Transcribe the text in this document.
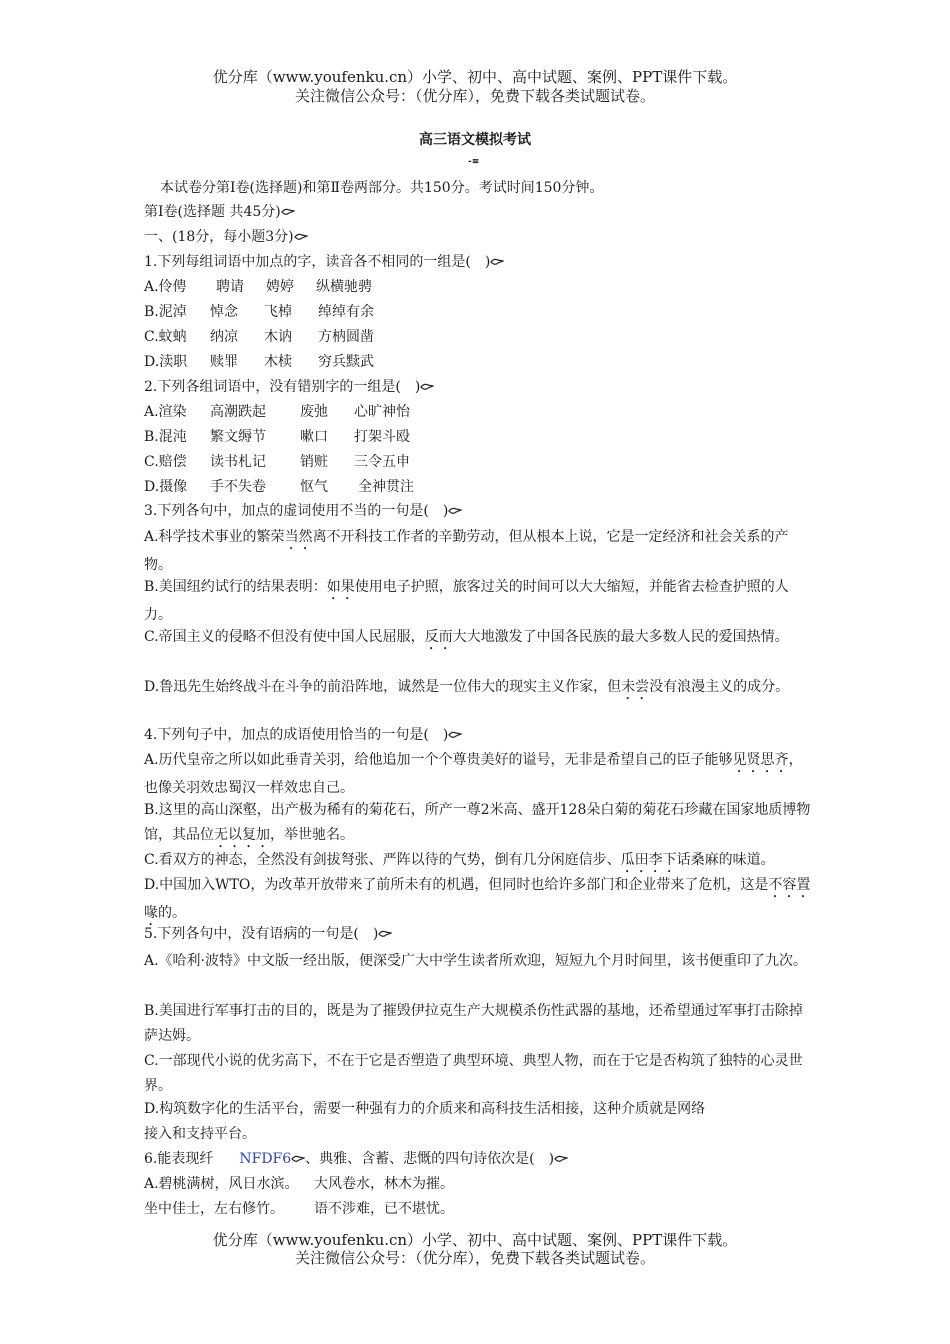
优分库（www.youfenku.cn）小学、初中、高中试题、案例、PPT课件下载。
关注微信公众号：（优分库），免费下载各类试题试卷。
高三语文模拟考试
-≡
本试卷分第Ⅰ卷(选择题)和第Ⅱ卷两部分。共150分。考试时间150分钟。
第Ⅰ卷(选择题 共45分)
一、(18分，每小题3分)
1.下列每组词语中加点的字，读音各不相同的一组是(　)
A.伶俜 聘请 娉婷 纵横驰骋
B.泥淖 悼念 飞棹 绰绰有余
C.蚊蚋 纳凉 木讷 方枘圆凿
D.渎职 赎罪 木椟 穷兵黩武
2.下列各组词语中，没有错别字的一组是(　)
A.渲染 高潮跌起 废弛 心旷神怡
B.混沌 繁文缛节 嗽口 打架斗殴
C.赔偿 读书札记 销赃 三令五申
D.摄像 手不失卷 怄气 全神贯注
3.下列各句中，加点的虚词使用不当的一句是(　)
A.科学技术事业的繁荣当然离不开科技工作者的辛勤劳动，但从根本上说，它是一定经济和社会关系的产物。
B.美国纽约试行的结果表明：如果使用电子护照，旅客过关的时间可以大大缩短，并能省去检查护照的人力。
C.帝国主义的侵略不但没有使中国人民屈服，反而大大地激发了中国各民族的最大多数人民的爱国热情。
D.鲁迅先生始终战斗在斗争的前沿阵地，诚然是一位伟大的现实主义作家，但未尝没有浪漫主义的成分。
4.下列句子中，加点的成语使用恰当的一句是(　)
A.历代皇帝之所以如此垂青关羽，给他追加一个个尊贵美好的谥号，无非是希望自己的臣子能够见贤思齐，也像关羽效忠蜀汉一样效忠自己。
B.这里的高山深壑，出产极为稀有的菊花石，所产一尊2米高、盛开128朵白菊的菊花石珍藏在国家地质博物馆，其品位无以复加，举世驰名。
C.看双方的神态，全然没有剑拔弩张、严阵以待的气势，倒有几分闲庭信步、瓜田李下话桑麻的味道。
D.中国加入WTO，为改革开放带来了前所未有的机遇，但同时也给许多部门和企业带来了危机，这是不容置喙的。
5.下列各句中，没有语病的一句是(　)
A.《哈利·波特》中文版一经出版，便深受广大中学生读者所欢迎，短短九个月时间里，该书便重印了九次。
B.美国进行军事打击的目的，既是为了摧毁伊拉克生产大规模杀伤性武器的基地，还希望通过军事打击除掉萨达姆。
C.一部现代小说的优劣高下，不在于它是否塑造了典型环境、典型人物，而在于它是否构筑了独特的心灵世界。
D.构筑数字化的生活平台，需要一种强有力的介质来和高科技生活相接，这种介质就是网络
接入和支持平台。
6.能表现纤 NFDF6 、典雅、含蓄、悲慨的四句诗依次是(　)
A.碧桃满树，风日水滨。 大风卷水，林木为摧。
坐中佳士，左右修竹。 语不涉难，已不堪忧。
优分库（www.youfenku.cn）小学、初中、高中试题、案例、PPT课件下载。
关注微信公众号：（优分库），免费下载各类试题试卷。
